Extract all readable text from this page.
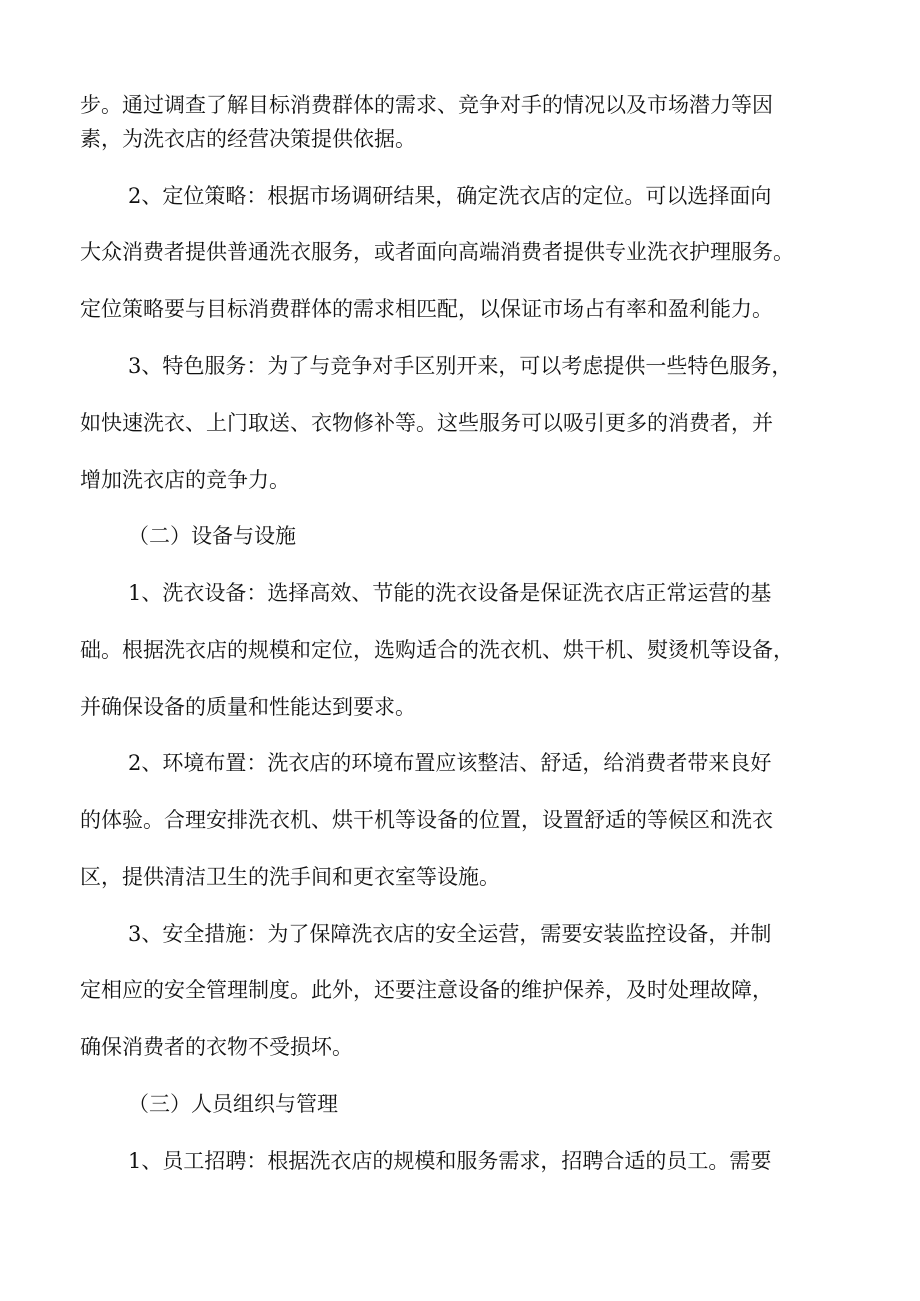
步。通过调查了解目标消费群体的需求、竞争对手的情况以及市场潜力等因

素，为洗衣店的经营决策提供依据。

2、定位策略：根据市场调研结果，确定洗衣店的定位。可以选择面向

大众消费者提供普通洗衣服务，或者面向高端消费者提供专业洗衣护理服务。

定位策略要与目标消费群体的需求相匹配，以保证市场占有率和盈利能力。

3、特色服务：为了与竞争对手区别开来，可以考虑提供一些特色服务，

如快速洗衣、上门取送、衣物修补等。这些服务可以吸引更多的消费者，并

增加洗衣店的竞争力。

（二）设备与设施

1、洗衣设备：选择高效、节能的洗衣设备是保证洗衣店正常运营的基

础。根据洗衣店的规模和定位，选购适合的洗衣机、烘干机、熨烫机等设备，

并确保设备的质量和性能达到要求。

2、环境布置：洗衣店的环境布置应该整洁、舒适，给消费者带来良好

的体验。合理安排洗衣机、烘干机等设备的位置，设置舒适的等候区和洗衣

区，提供清洁卫生的洗手间和更衣室等设施。

3、安全措施：为了保障洗衣店的安全运营，需要安装监控设备，并制

定相应的安全管理制度。此外，还要注意设备的维护保养，及时处理故障，

确保消费者的衣物不受损坏。

（三）人员组织与管理

1、员工招聘：根据洗衣店的规模和服务需求，招聘合适的员工。需要
